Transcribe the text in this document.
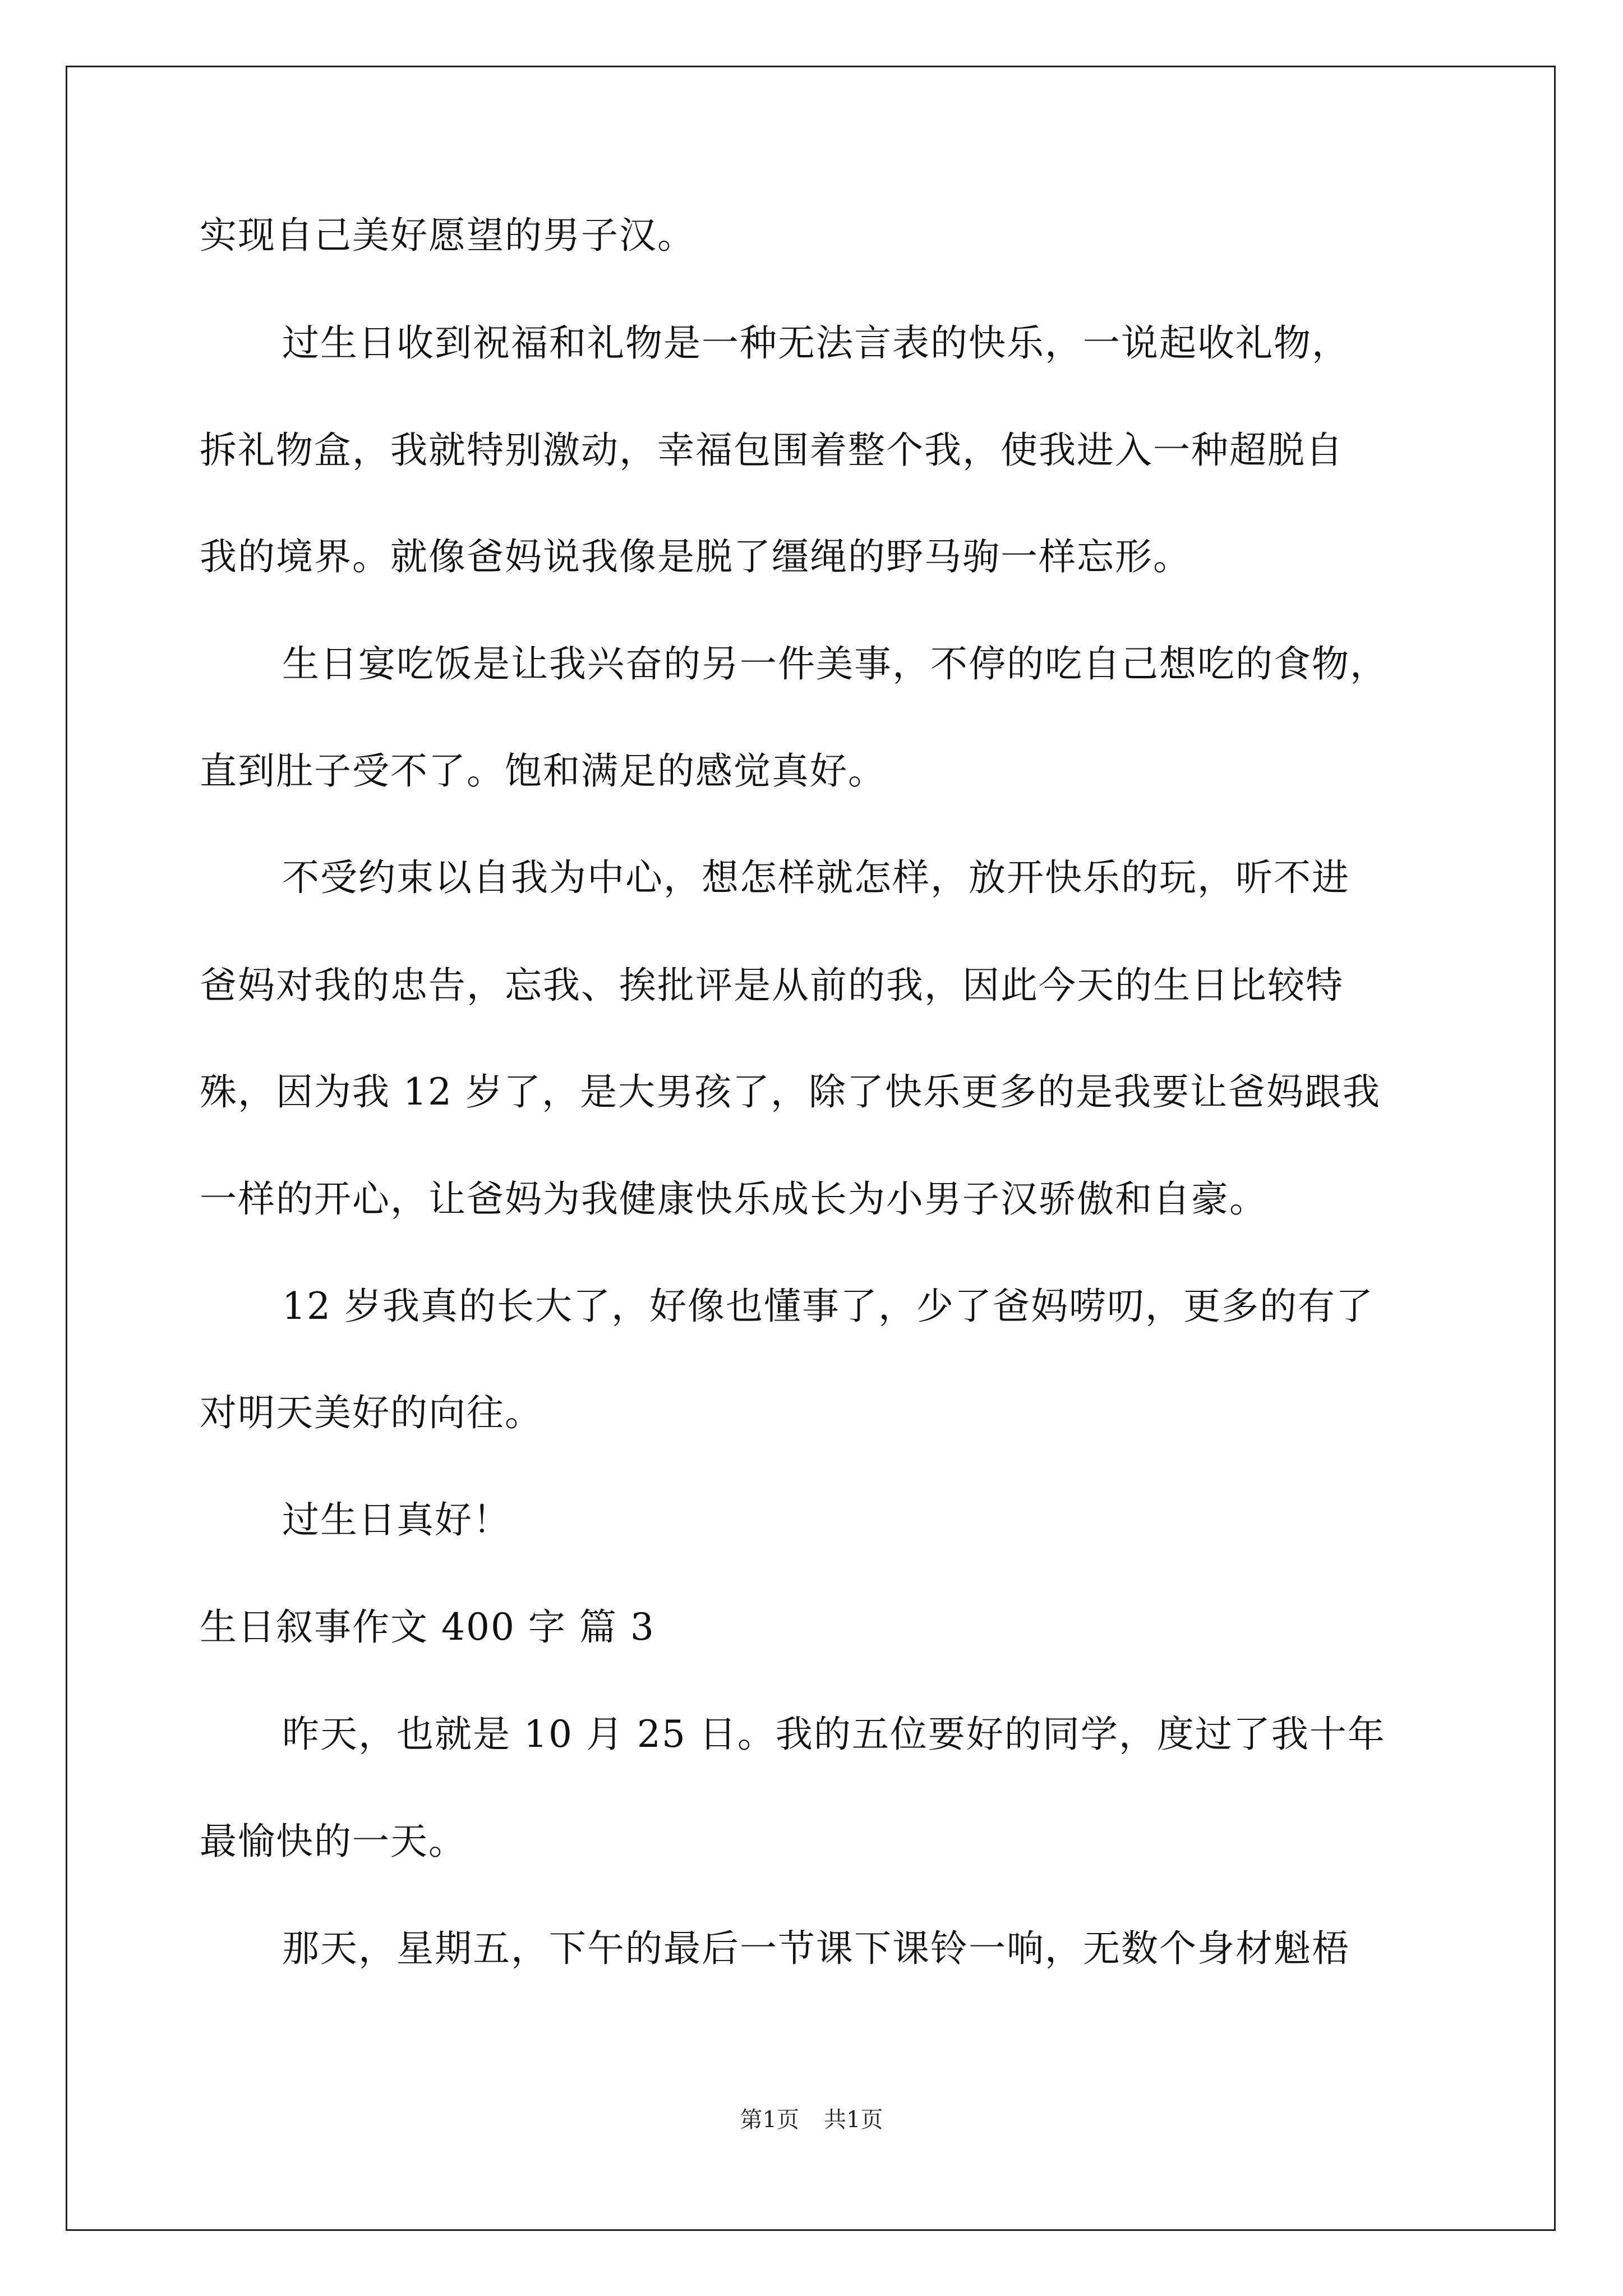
实现自己美好愿望的男子汉。

过生日收到祝福和礼物是一种无法言表的快乐，一说起收礼物，

拆礼物盒，我就特别激动，幸福包围着整个我，使我进入一种超脱自

我的境界。就像爸妈说我像是脱了缰绳的野马驹一样忘形。

生日宴吃饭是让我兴奋的另一件美事，不停的吃自己想吃的食物，

直到肚子受不了。饱和满足的感觉真好。

不受约束以自我为中心，想怎样就怎样，放开快乐的玩，听不进

爸妈对我的忠告，忘我、挨批评是从前的我，因此今天的生日比较特

殊，因为我 12 岁了，是大男孩了，除了快乐更多的是我要让爸妈跟我

一样的开心，让爸妈为我健康快乐成长为小男子汉骄傲和自豪。

12 岁我真的长大了，好像也懂事了，少了爸妈唠叨，更多的有了

对明天美好的向往。

过生日真好！

生日叙事作文 400 字 篇 3

昨天，也就是 10 月 25 日。我的五位要好的同学，度过了我十年

最愉快的一天。

那天，星期五，下午的最后一节课下课铃一响，无数个身材魁梧

第1页 共1页
